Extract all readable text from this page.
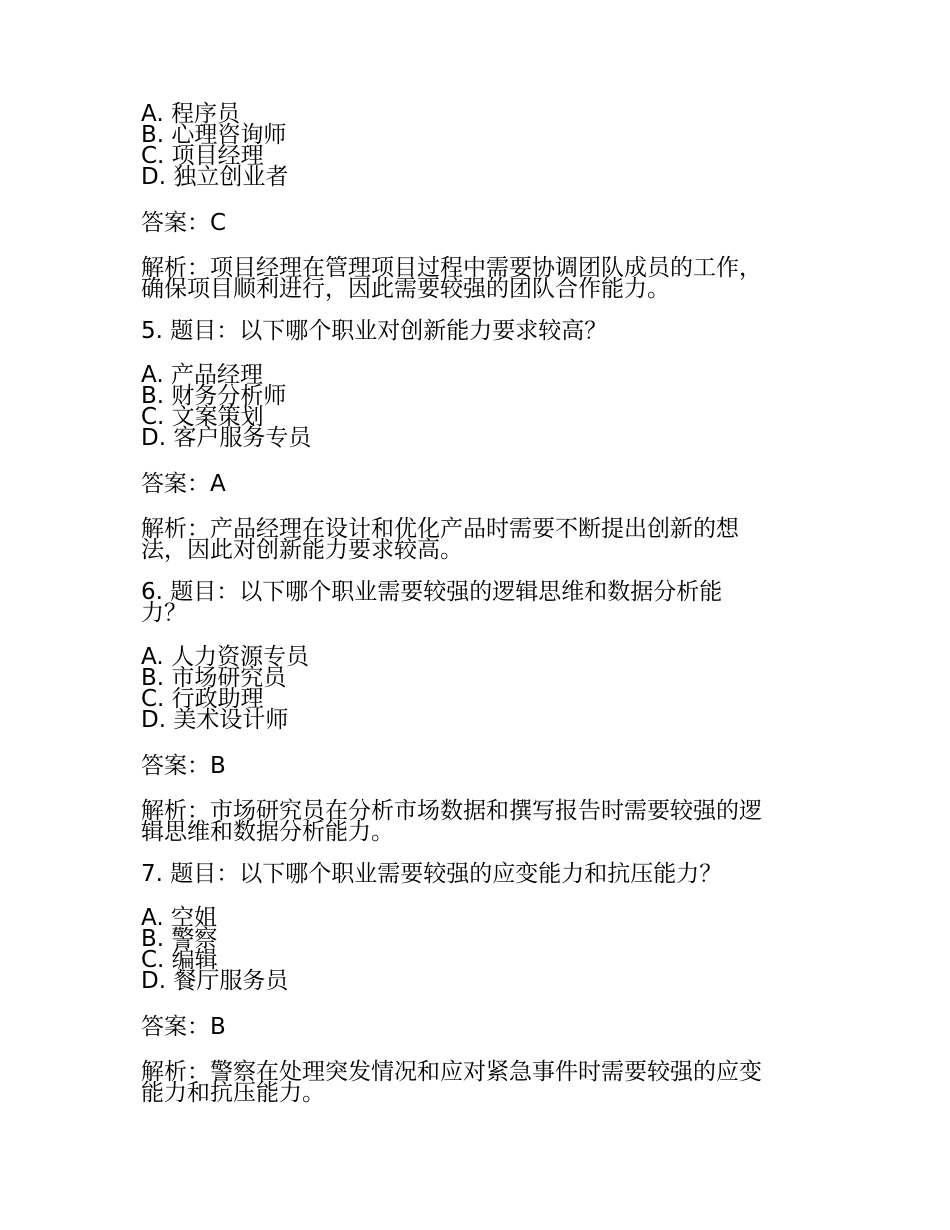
A. 程序员
B. 心理咨询师
C. 项目经理
D. 独立创业者
答案：C
解析：项目经理在管理项目过程中需要协调团队成员的工作，
确保项目顺利进行，因此需要较强的团队合作能力。
5. 题目：以下哪个职业对创新能力要求较高？
A. 产品经理
B. 财务分析师
C. 文案策划
D. 客户服务专员
答案：A
解析：产品经理在设计和优化产品时需要不断提出创新的想
法，因此对创新能力要求较高。
6. 题目：以下哪个职业需要较强的逻辑思维和数据分析能
力？
A. 人力资源专员
B. 市场研究员
C. 行政助理
D. 美术设计师
答案：B
解析：市场研究员在分析市场数据和撰写报告时需要较强的逻
辑思维和数据分析能力。
7. 题目：以下哪个职业需要较强的应变能力和抗压能力？
A. 空姐
B. 警察
C. 编辑
D. 餐厅服务员
答案：B
解析：警察在处理突发情况和应对紧急事件时需要较强的应变
能力和抗压能力。
